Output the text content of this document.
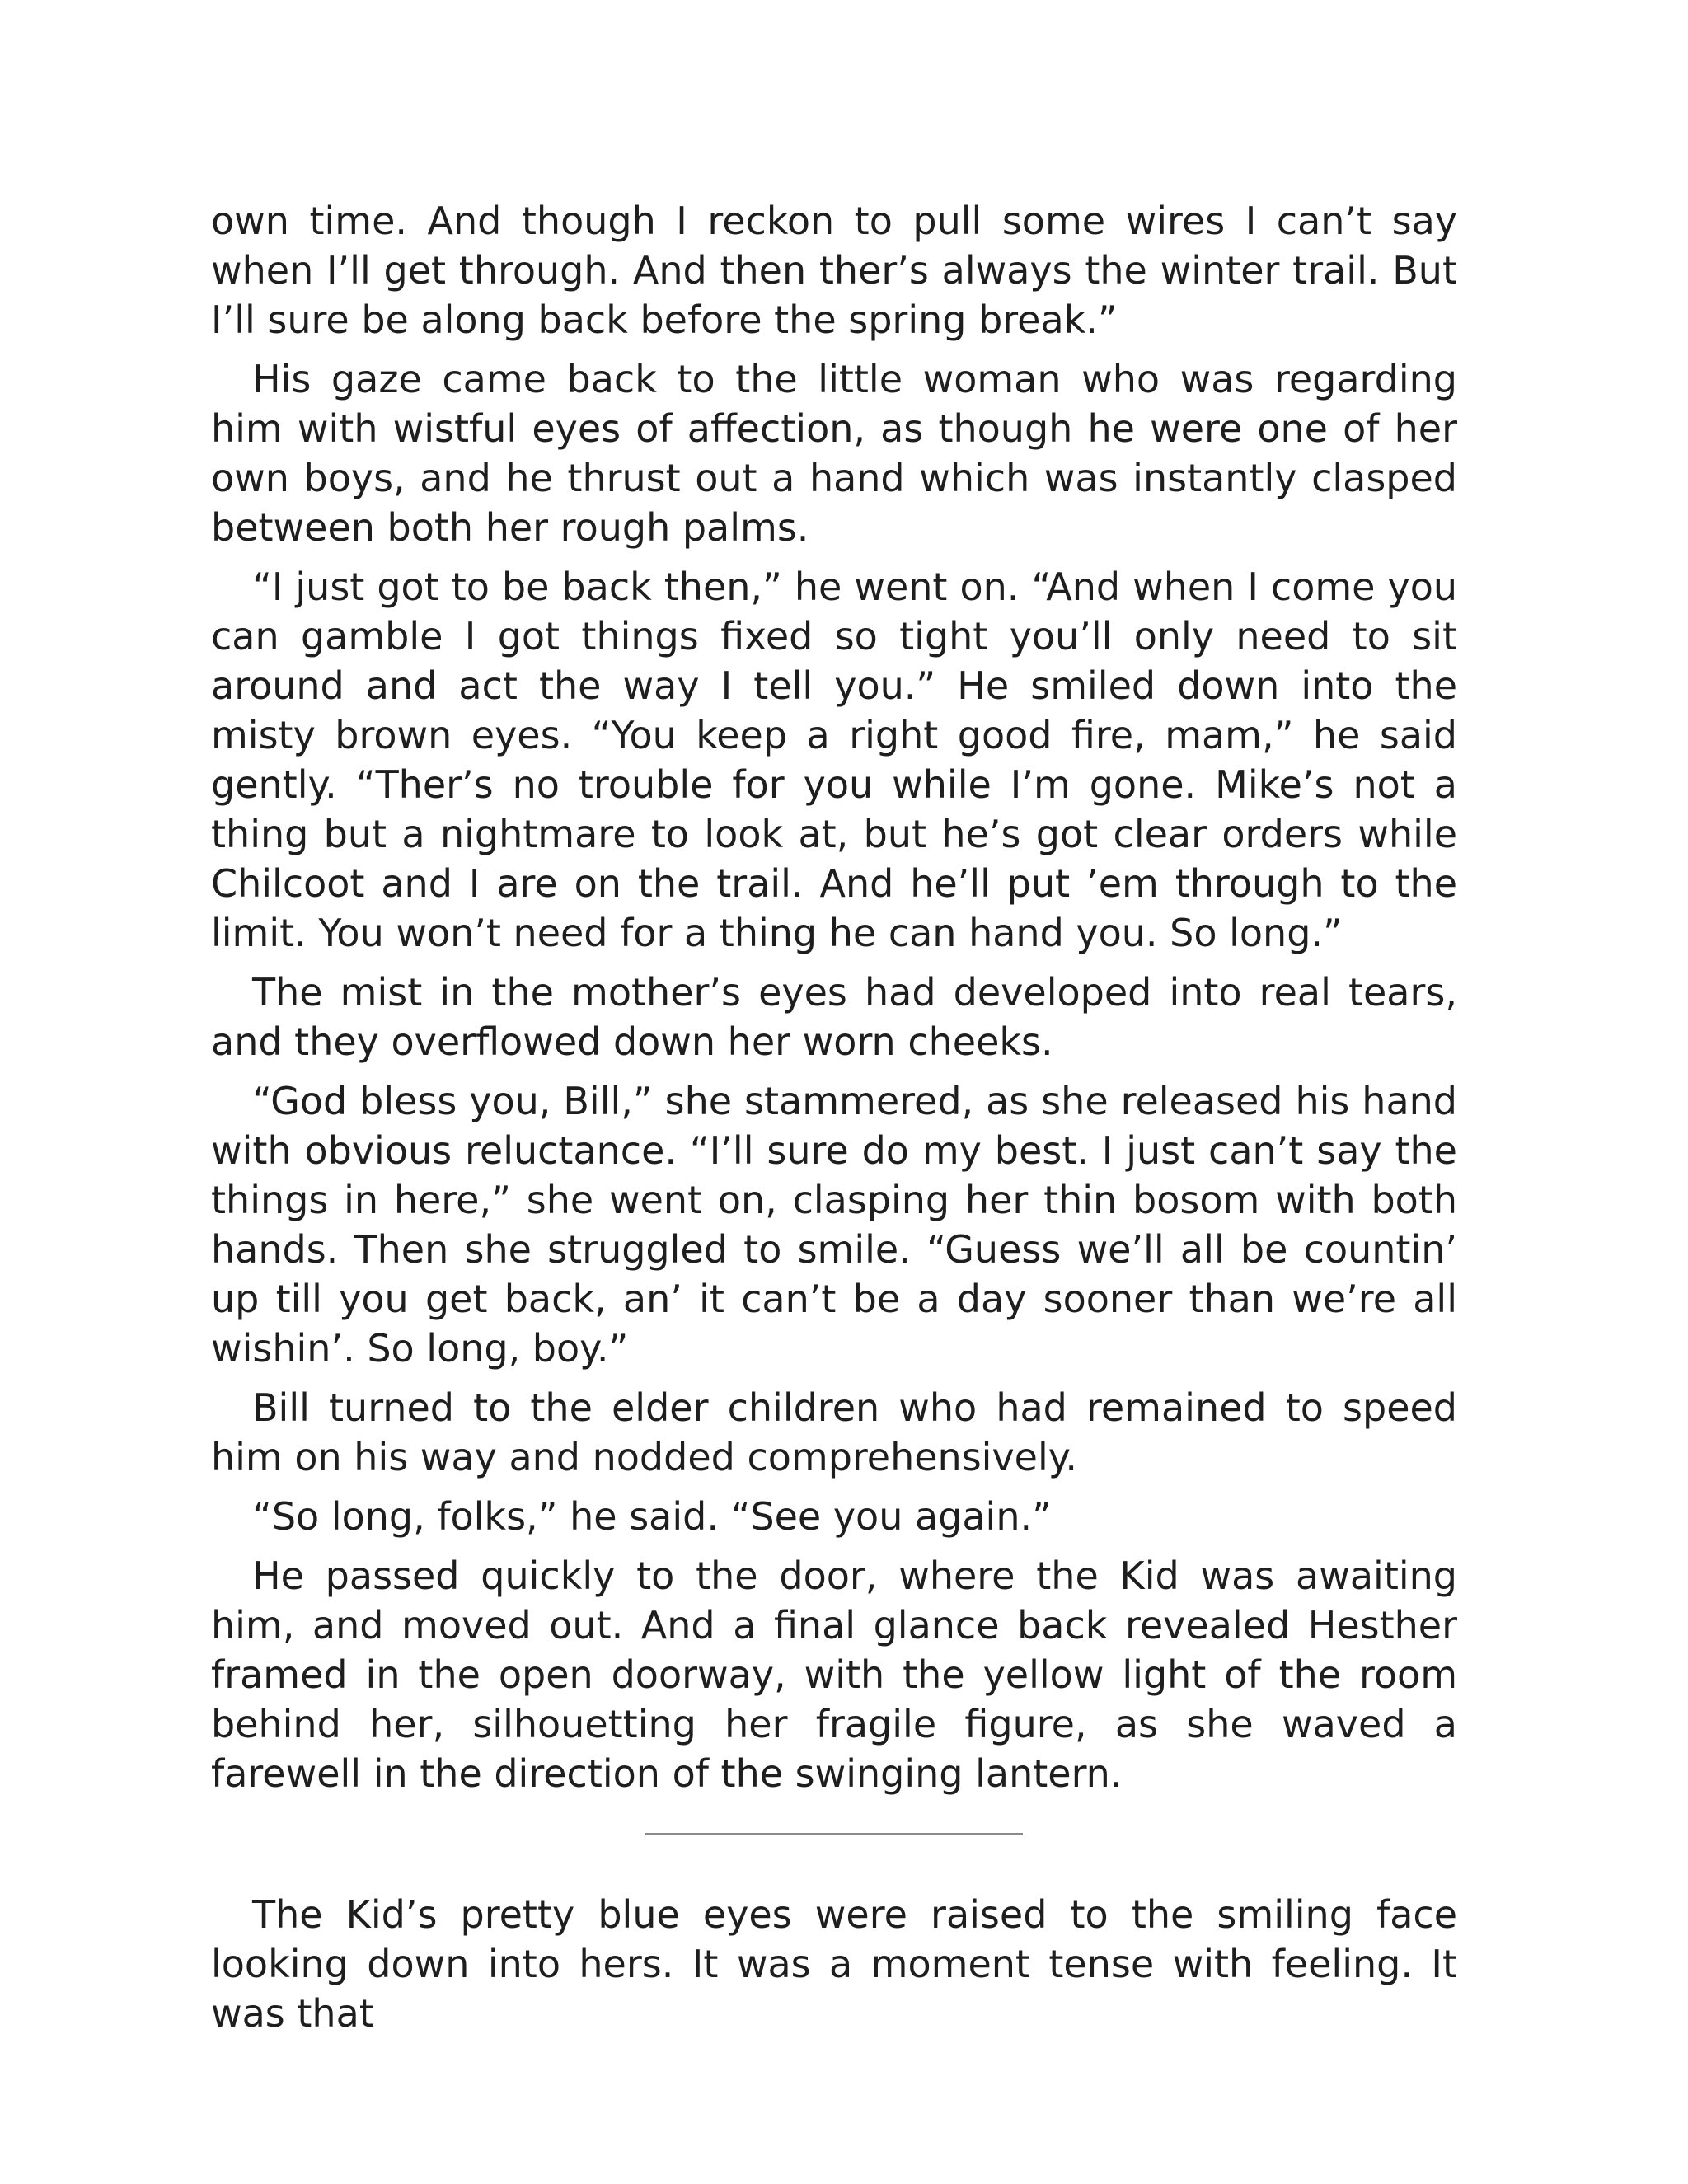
own time. And though I reckon to pull some wires I can’t say when I’ll get through. And then ther’s always the winter trail. But I’ll sure be along back before the spring break.”

His gaze came back to the little woman who was regarding him with wistful eyes of affection, as though he were one of her own boys, and he thrust out a hand which was instantly clasped between both her rough palms.

“I just got to be back then,” he went on. “And when I come you can gamble I got things fixed so tight you’ll only need to sit around and act the way I tell you.” He smiled down into the misty brown eyes. “You keep a right good fire, mam,” he said gently. “Ther’s no trouble for you while I’m gone. Mike’s not a thing but a nightmare to look at, but he’s got clear orders while Chilcoot and I are on the trail. And he’ll put ’em through to the limit. You won’t need for a thing he can hand you. So long.”

The mist in the mother’s eyes had developed into real tears, and they overflowed down her worn cheeks.

“God bless you, Bill,” she stammered, as she released his hand with obvious reluctance. “I’ll sure do my best. I just can’t say the things in here,” she went on, clasping her thin bosom with both hands. Then she struggled to smile. “Guess we’ll all be countin’ up till you get back, an’ it can’t be a day sooner than we’re all wishin’. So long, boy.”

Bill turned to the elder children who had remained to speed him on his way and nodded comprehensively.

“So long, folks,” he said. “See you again.”

He passed quickly to the door, where the Kid was awaiting him, and moved out. And a final glance back revealed Hesther framed in the open doorway, with the yellow light of the room behind her, silhouetting her fragile figure, as she waved a farewell in the direction of the swinging lantern.

The Kid’s pretty blue eyes were raised to the smiling face looking down into hers. It was a moment tense with feeling. It was that
